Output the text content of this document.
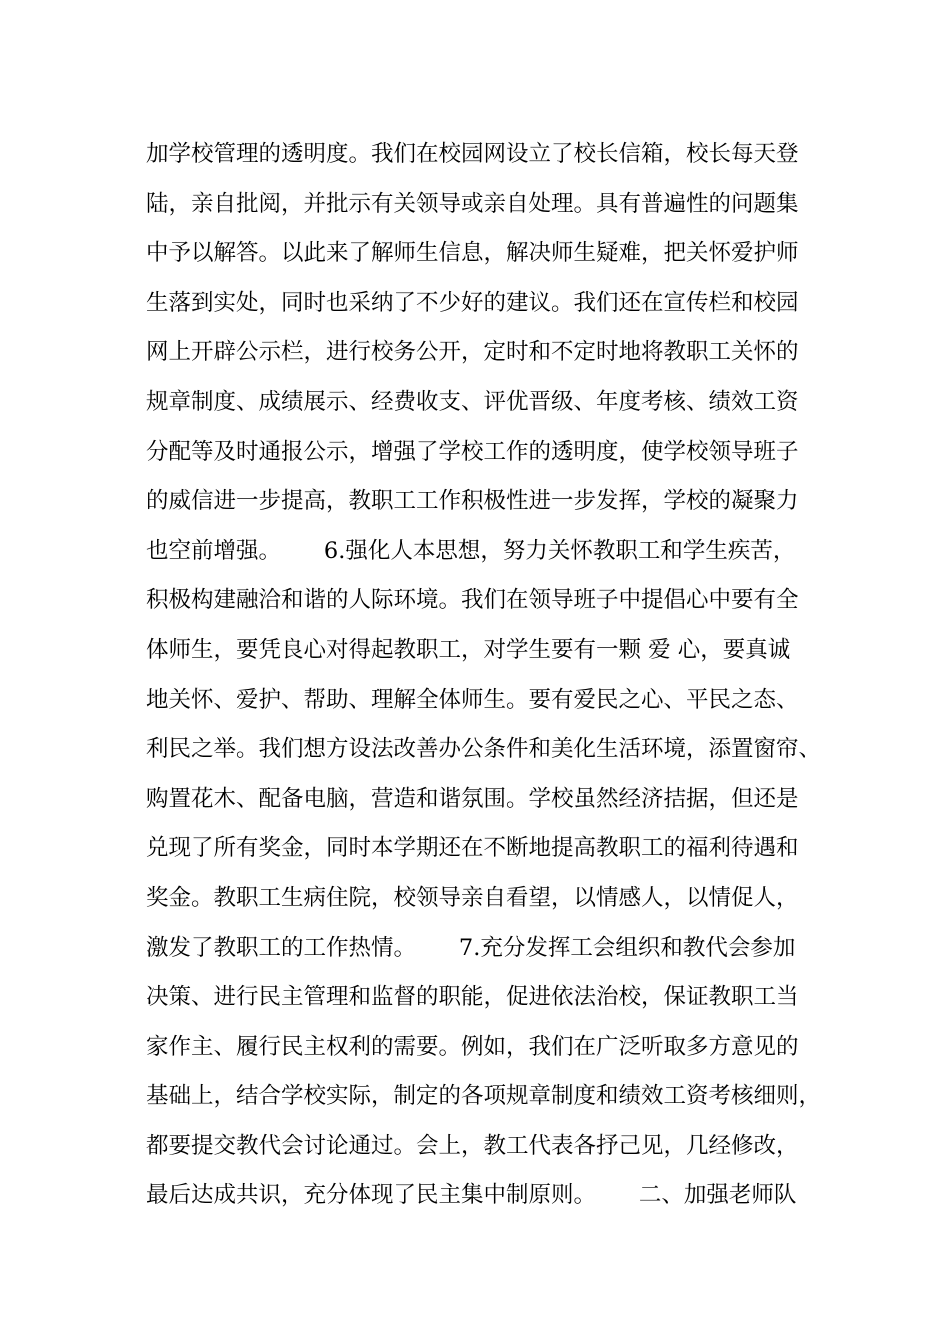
加学校管理的透明度。我们在校园网设立了校长信箱，校长每天登
陆，亲自批阅，并批示有关领导或亲自处理。具有普遍性的问题集
中予以解答。以此来了解师生信息，解决师生疑难，把关怀爱护师
生落到实处，同时也采纳了不少好的建议。我们还在宣传栏和校园
网上开辟公示栏，进行校务公开，定时和不定时地将教职工关怀的
规章制度、成绩展示、经费收支、评优晋级、年度考核、绩效工资
分配等及时通报公示，增强了学校工作的透明度，使学校领导班子
的威信进一步提高，教职工工作积极性进一步发挥，学校的凝聚力
也空前增强。      6.强化人本思想，努力关怀教职工和学生疾苦，
积极构建融洽和谐的人际环境。我们在领导班子中提倡心中要有全
体师生，要凭良心对得起教职工，对学生要有一颗 爱 心，要真诚
地关怀、爱护、帮助、理解全体师生。要有爱民之心、平民之态、
利民之举。我们想方设法改善办公条件和美化生活环境，添置窗帘、
购置花木、配备电脑，营造和谐氛围。学校虽然经济拮据，但还是
兑现了所有奖金，同时本学期还在不断地提高教职工的福利待遇和
奖金。教职工生病住院，校领导亲自看望，以情感人，以情促人，
激发了教职工的工作热情。      7.充分发挥工会组织和教代会参加
决策、进行民主管理和监督的职能，促进依法治校，保证教职工当
家作主、履行民主权利的需要。例如，我们在广泛听取多方意见的
基础上，结合学校实际，制定的各项规章制度和绩效工资考核细则，
都要提交教代会讨论通过。会上，教工代表各抒己见，几经修改，
最后达成共识，充分体现了民主集中制原则。      二、加强老师队
